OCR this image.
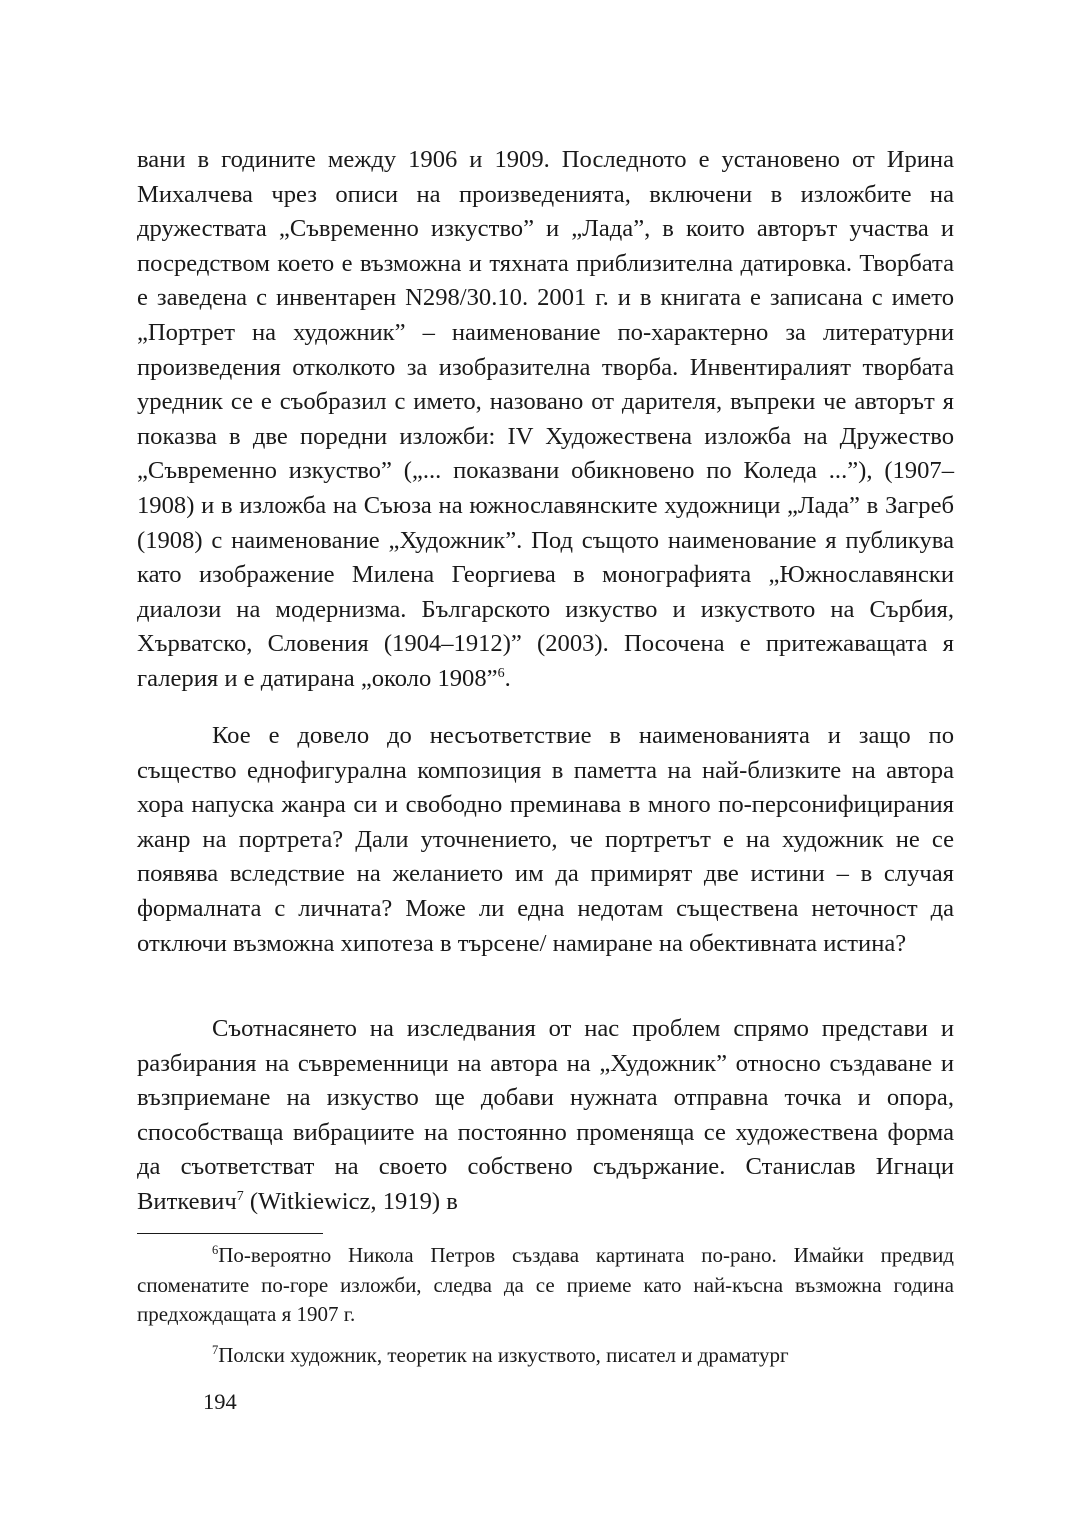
вани в годините между 1906 и 1909. Последното е установено от Ирина Михалчева чрез описи на произведенията, включени в изложбите на дружествата „Съвременно изкуство” и „Лада”, в които авторът участва и посредством което е възможна и тяхната приблизителна датировка. Творбата е заведена с инвентарен N298/30.10. 2001 г. и в книгата е записана с името „Портрет на художник” – наименование по-характерно за литературни произведения отколкото за изобразителна творба. Инвентиралият творбата уредник се е съобразил с името, назовано от дарителя, въпреки че авторът я показва в две поредни изложби: IV Художествена изложба на Дружество „Съвременно изкуство” („... показвани обикновено по Коледа ...”), (1907–1908) и в изложба на Съюза на южнославянските художници „Лада” в Загреб (1908) с наименование „Художник”. Под същото наименование я публикува като изображение Милена Георгиева в монографията „Южнославянски диалози на модернизма. Българското изкуство и изкуството на Сърбия, Хърватско, Словения (1904–1912)” (2003). Посочена е притежаващата я галерия и е датирана „около 1908”$^6$.

Кое е довело до несъответствие в наименованията и защо по същество еднофигурална композиция в паметта на най-близките на автора хора напуска жанра си и свободно преминава в много по-персонифицирания жанр на портрета? Дали уточнението, че портретът е на художник не се появява вследствие на желанието им да примирят две истини – в случая формалната с личната? Може ли една недотам съществена неточност да отключи възможна хипотеза в търсене/ намиране на обективната истина?

Съотнасянето на изследвания от нас проблем спрямо представи и разбирания на съвременници на автора на „Художник” относно създаване и възприемане на изкуство ще добави нужната отправна точка и опора, способстваща вибрациите на постоянно променяща се художествена форма да съответстват на своето собствено съдържание. Станислав Игнаци Виткевич$^7$ (Witkiewicz, 1919) в

$^6$По-вероятно Никола Петров създава картината по-рано. Имайки предвид споменатите по-горе изложби, следва да се приеме като най-късна възможна година предхождащата я 1907 г.

$^7$Полски художник, теоретик на изкуството, писател и драматург

194
